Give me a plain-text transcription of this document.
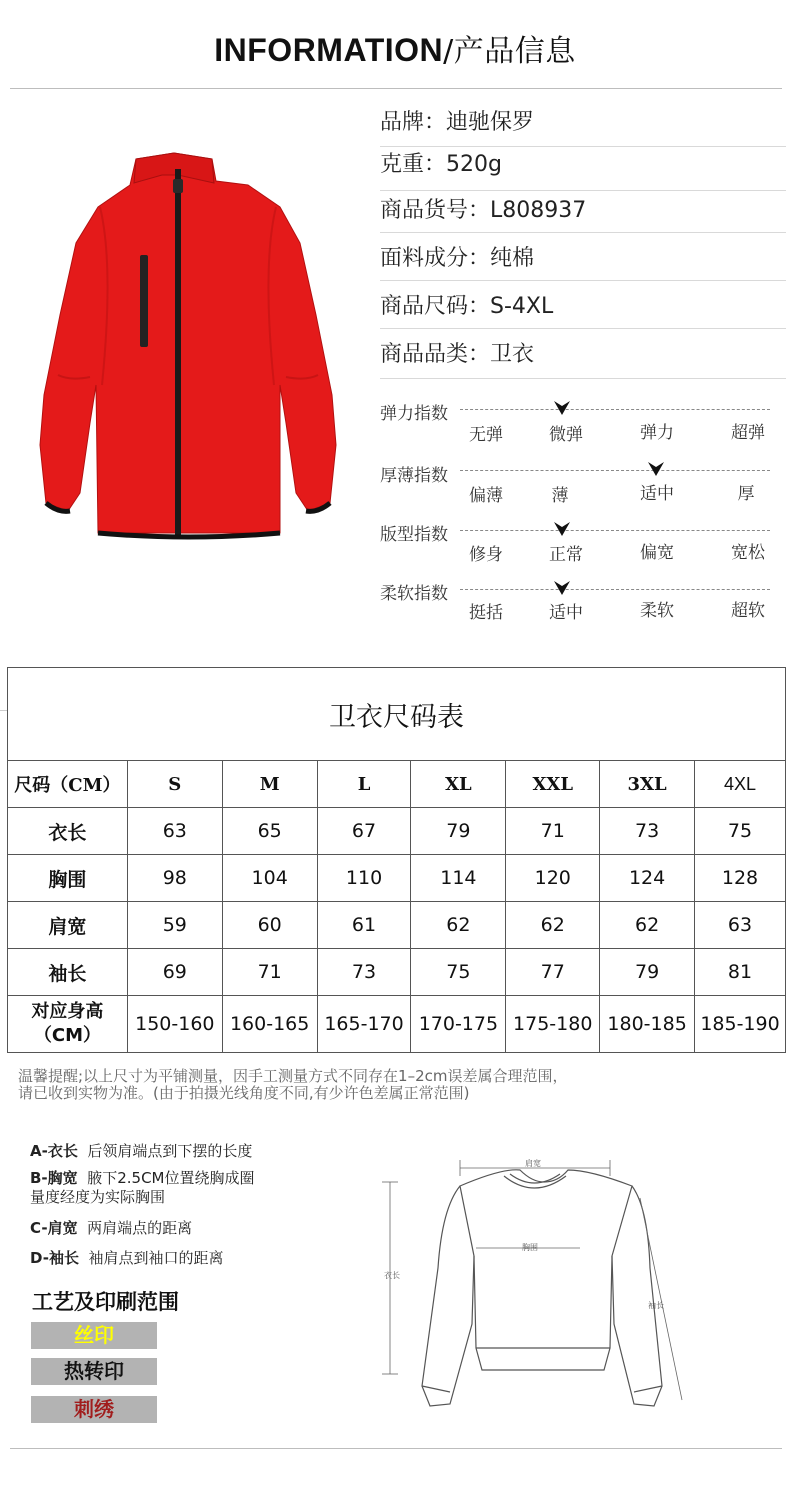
INFORMATION/产品信息
品牌：迪驰保罗
克重：520g
商品货号：L808937
面料成分：纯棉
商品尺码：S-4XL
商品品类：卫衣
弹力指数
无弹	微弹	弹力	超弹
厚薄指数
偏薄	薄	适中	厚
版型指数
修身	正常	偏宽	宽松
柔软指数
挺括	适中	柔软	超软
卫衣尺码表							
尺码（CM）	S	M	L	XL	XXL	3XL	4XL
衣长	63	65	67	79	71	73	75
胸围	98	104	110	114	120	124	128
肩宽	59	60	61	62	62	62	63
袖长	69	71	73	75	77	79	81
对应身高（CM）	150-160	160-165	165-170	170-175	175-180	180-185	185-190
温馨提醒;以上尺寸为平铺测量，因手工测量方式不同存在1–2cm误差属合理范围，
请已收到实物为准。(由于拍摄光线角度不同,有少许色差属正常范围)
A-衣长 后领肩端点到下摆的长度
B-胸宽 腋下2.5CM位置绕胸成圈
量度经度为实际胸围
C-肩宽 两肩端点的距离
D-袖长 袖肩点到袖口的距离
工艺及印刷范围
丝印
热转印
刺绣
肩宽
胸围
衣长
袖长
